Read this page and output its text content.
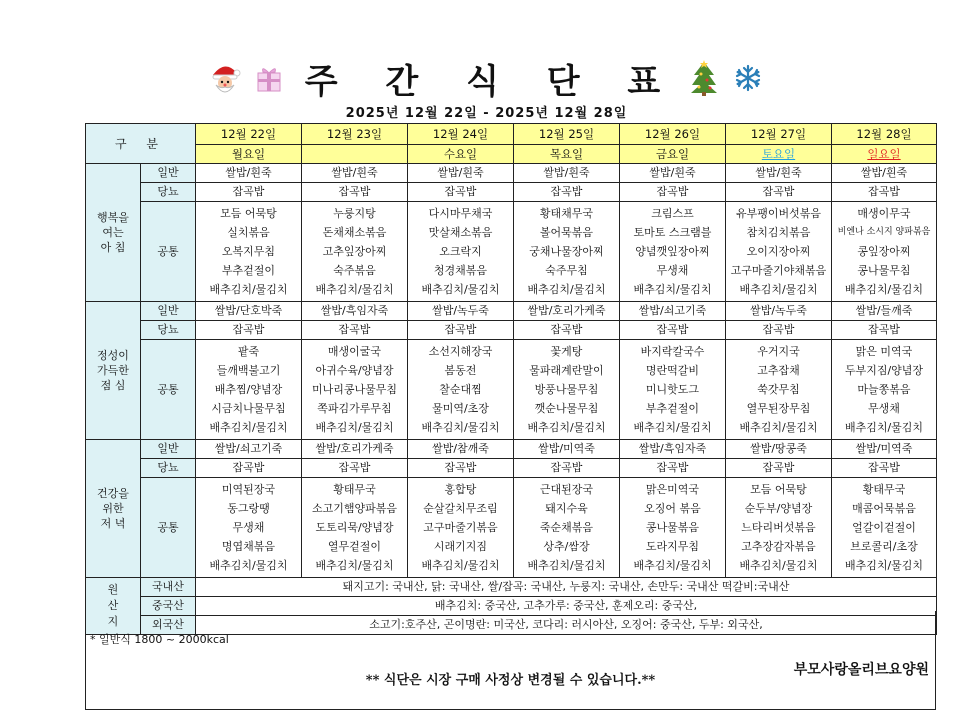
주 간 식 단 표
2025년 12월 22일 - 2025년 12월 28일
구 분		12월 22일	12월 23일	12월 24일	12월 25일	12월 26일	12월 27일	12월 28일
		월요일		수요일	목요일	금요일	토요일	일요일

행복을
여는
아 침	일반	쌀밥/흰죽	쌀밥/흰죽	쌀밥/흰죽	쌀밥/흰죽	쌀밥/흰죽	쌀밥/흰죽	쌀밥/흰죽
	당뇨	잡곡밥	잡곡밥	잡곡밥	잡곡밥	잡곡밥	잡곡밥	잡곡밥
	공통	모듬 어묵탕
실치볶음
오복지무침
부추겉절이
배추김치/물김치	누룽지탕
돈채채소볶음
고추잎장아찌
숙주볶음
배추김치/물김치	다시마무채국
맛살채소볶음
오크락지
청경채볶음
배추김치/물김치	황태채무국
볼어묵볶음
궁채나물장아찌
숙주무침
배추김치/물김치	크림스프
토마토 스크램블
양념깻잎장아찌
무생채
배추김치/물김치	유부팽이버섯볶음
참치김치볶음
오이지장아찌
고구마줄기야채볶음
배추김치/물김치	매생이무국
비엔나 소시지 양파볶음
콩잎장아찌
콩나물무침
배추김치/물김치

정성이
가득한
점 심	일반	쌀밥/단호박죽	쌀밥/흑임자죽	쌀밥/녹두죽	쌀밥/호리가케죽	쌀밥/쇠고기죽	쌀밥/녹두죽	쌀밥/들깨죽
	당뇨	잡곡밥	잡곡밥	잡곡밥	잡곡밥	잡곡밥	잡곡밥	잡곡밥
	공통	팥죽
들깨백불고기
배추찜/양념장
시금치나물무침
배추김치/물김치	매생이굴국
아귀수육/양념장
미나리콩나물무침
쪽파김가루무침
배추김치/물김치	소선지해장국
봄동전
찰순대찜
물미역/초장
배추김치/물김치	꽃게탕
물파래계란말이
방풍나물무침
깻순나물무침
배추김치/물김치	바지락칼국수
명란떡갈비
미니핫도그
부추겉절이
배추김치/물김치	우거지국
고추잡채
쑥갓무침
열무된장무침
배추김치/물김치	맑은 미역국
두부지짐/양념장
마늘쫑볶음
무생채
배추김치/물김치

건강을
위한
저 녁	일반	쌀밥/쇠고기죽	쌀밥/호리가케죽	쌀밥/참깨죽	쌀밥/미역죽	쌀밥/흑임자죽	쌀밥/땅콩죽	쌀밥/미역죽
	당뇨	잡곡밥	잡곡밥	잡곡밥	잡곡밥	잡곡밥	잡곡밥	잡곡밥
	공통	미역된장국
동그랑땡
무생채
명엽채볶음
배추김치/물김치	황태무국
소고기햄양파볶음
도토리묵/양념장
열무겉절이
배추김치/물김치	홍합탕
순살갈치무조림
고구마줄기볶음
시래기지짐
배추김치/물김치	근대된장국
돼지수육
죽순채볶음
상추/쌈장
배추김치/물김치	맑은미역국
오징어 볶음
콩나물볶음
도라지무침
배추김치/물김치	모듬 어묵탕
순두부/양념장
느타리버섯볶음
고추장감자볶음
배추김치/물김치	황태무국
매콤어묵볶음
얼갈이겉절이
브로콜리/초장
배추김치/물김치

원
산
지	국내산	돼지고기: 국내산, 닭: 국내산, 쌀/잡곡: 국내산, 누룽지: 국내산, 손만두: 국내산 떡갈비:국내산						
	중국산	배추김치: 중국산, 고추가루: 중국산, 훈제오리: 중국산,						
	외국산	소고기:호주산, 곤이명란: 미국산, 코다리: 러시아산, 오징어: 중국산, 두부: 외국산,						
* 일반식 1800 ~ 2000kcal
** 식단은 시장 구매 사정상 변경될 수 있습니다.**
부모사랑올리브요양원
